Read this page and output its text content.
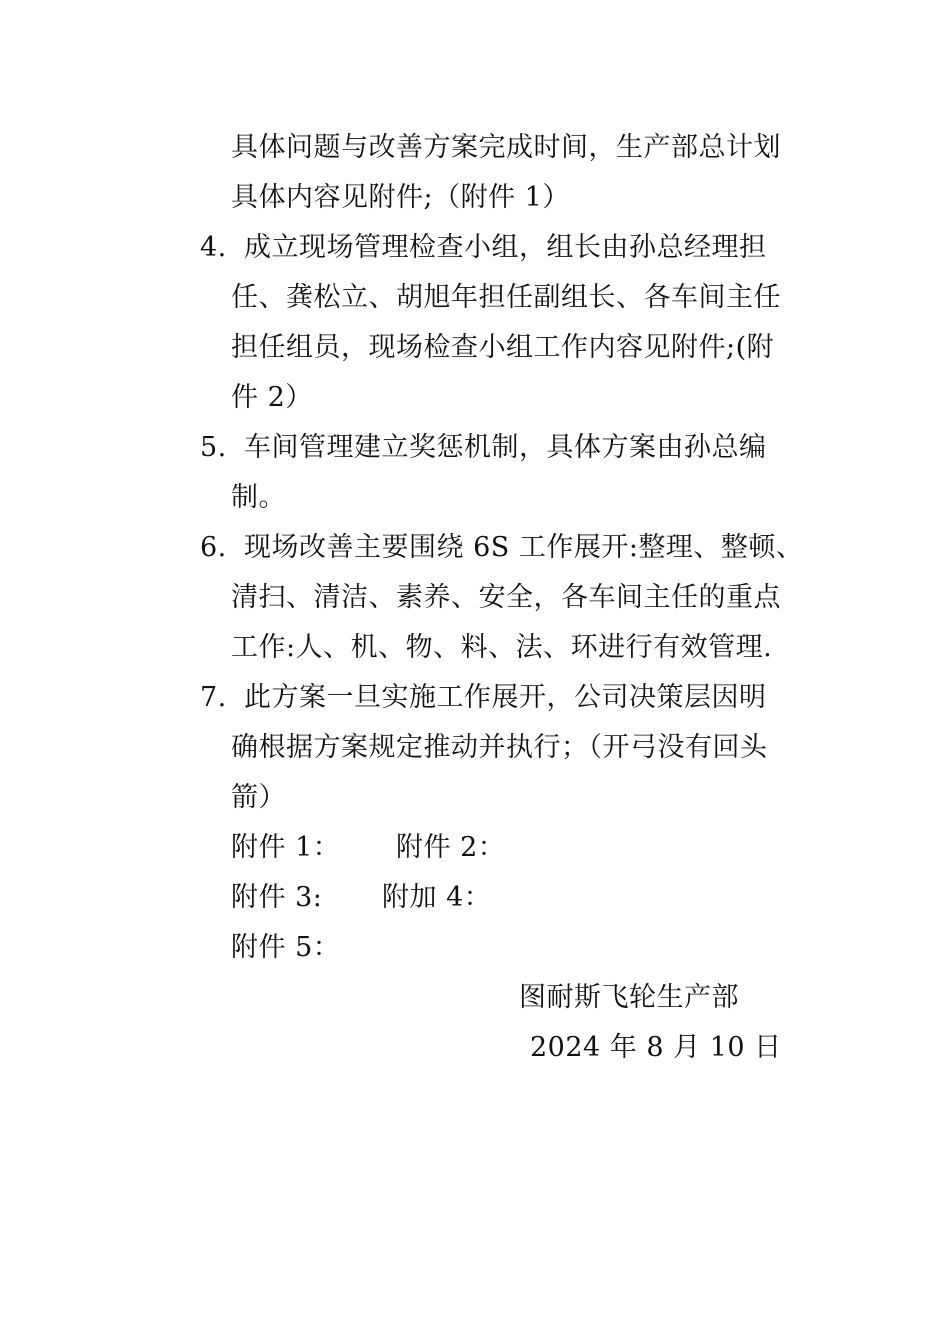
具体问题与改善方案完成时间，生产部总计划
具体内容见附件;（附件 1）
4. 成立现场管理检查小组，组长由孙总经理担
任、龚松立、胡旭年担任副组长、各车间主任
担任组员，现场检查小组工作内容见附件;(附
件 2）
5. 车间管理建立奖惩机制，具体方案由孙总编
制。
6. 现场改善主要围绕 6S 工作展开:整理、整顿、
清扫、清洁、素养、安全，各车间主任的重点
工作:人、机、物、料、法、环进行有效管理.
7. 此方案一旦实施工作展开，公司决策层因明
确根据方案规定推动并执行；（开弓没有回头
箭）
附件 1： 附件 2：
附件 3: 附加 4：
附件 5：
图耐斯飞轮生产部
2024 年 8 月 10 日
